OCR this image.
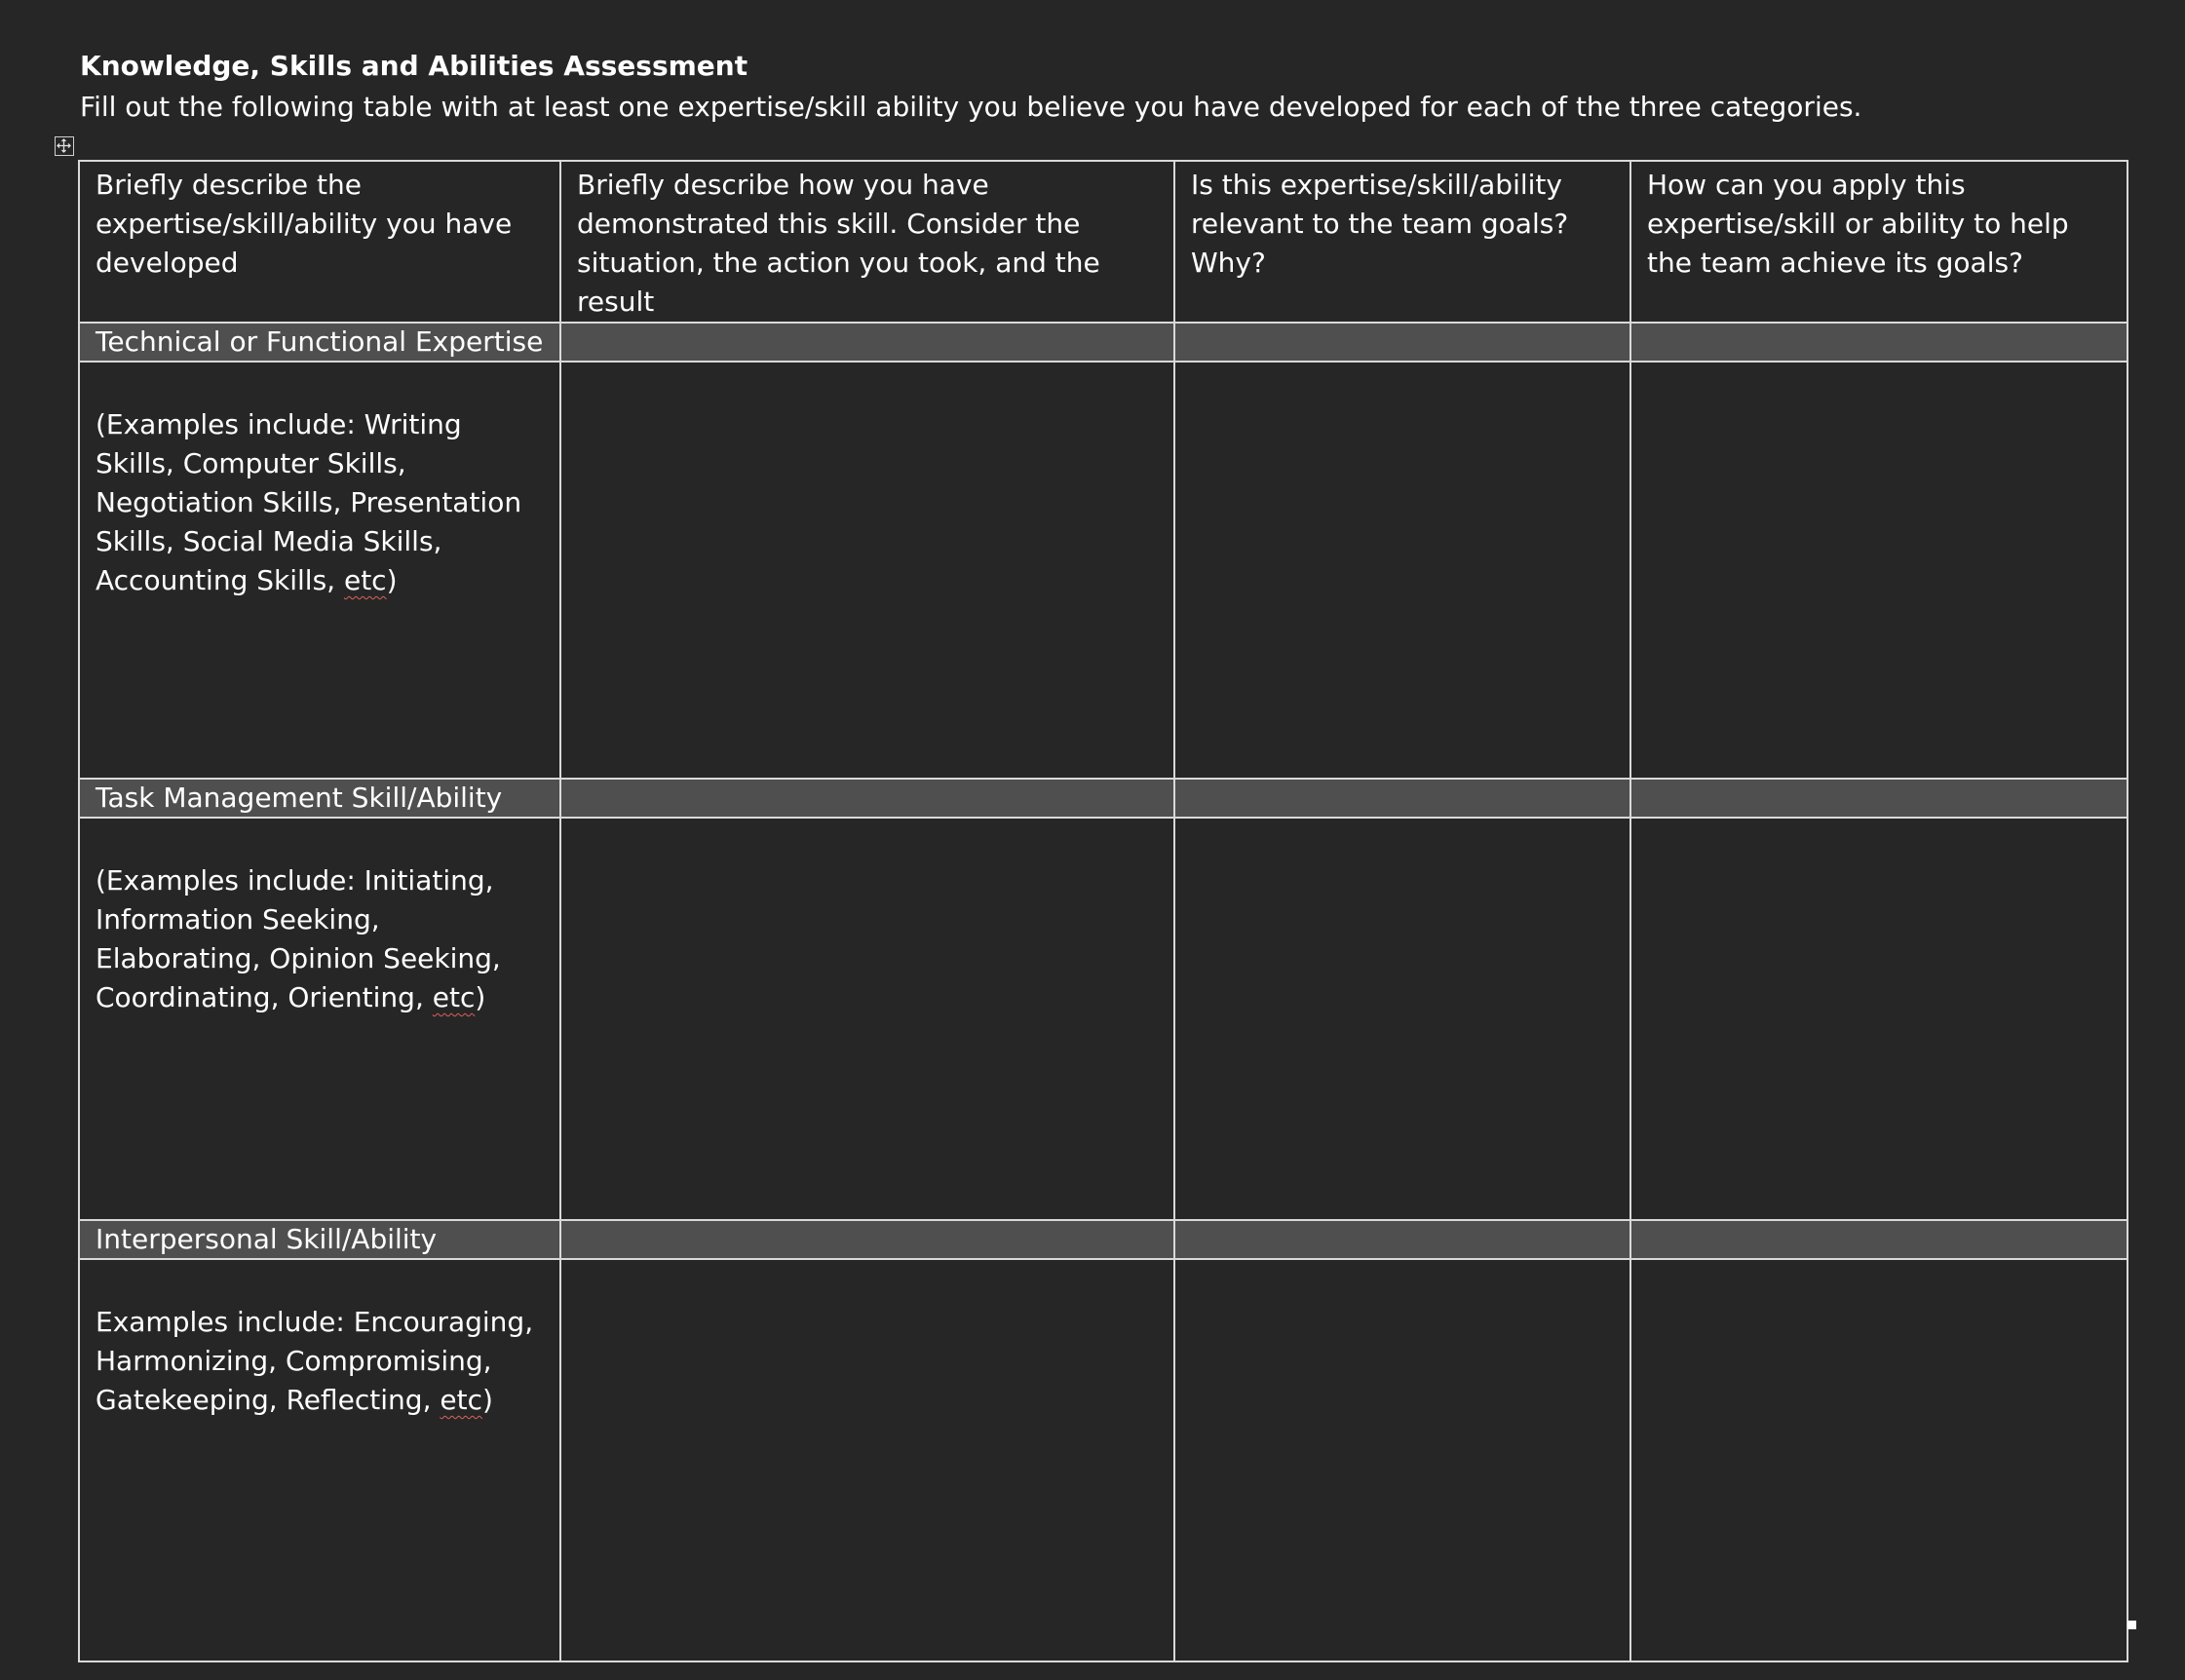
Knowledge, Skills and Abilities Assessment
Fill out the following table with at least one expertise/skill ability you believe you have developed for each of the three categories.
Briefly describe the expertise/skill/ability you have developed	Briefly describe how you have demonstrated this skill. Consider the situation, the action you took, and the result	Is this expertise/skill/ability relevant to the team goals? Why?	How can you apply this expertise/skill or ability to help the team achieve its goals?
Technical or Functional Expertise			

(Examples include: Writing Skills, Computer Skills, Negotiation Skills, Presentation Skills, Social Media Skills, Accounting Skills, etc)			

Task Management Skill/Ability			

(Examples include: Initiating, Information Seeking, Elaborating, Opinion Seeking, Coordinating, Orienting, etc)			

Interpersonal Skill/Ability			

Examples include: Encouraging, Harmonizing, Compromising, Gatekeeping, Reflecting, etc)			
